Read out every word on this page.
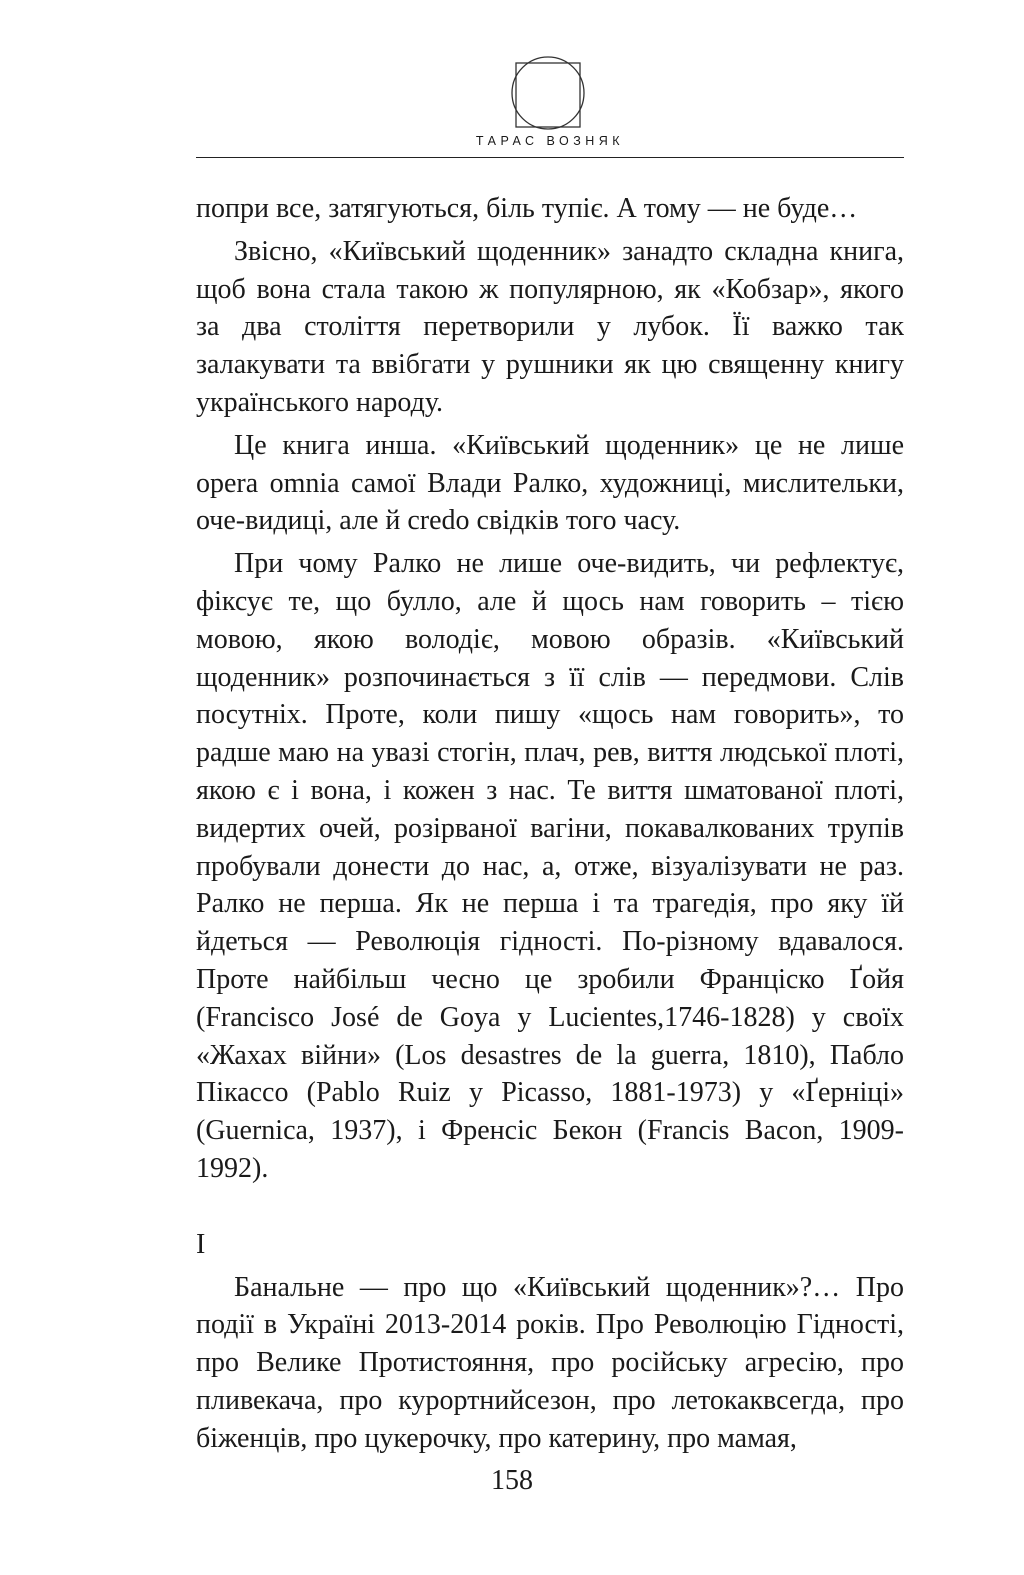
ТАРАС ВОЗНЯК

попри все, затягуються, біль тупіє. А тому — не буде…

Звісно, «Київський щоденник» занадто складна книга, щоб вона стала такою ж популярною, як «Кобзар», якого за два століття перетворили у лубок. Її важко так залакувати та ввібгати у рушники як цю священну книгу українського народу.

Це книга инша. «Київський щоденник» це не лише opera omnia самої Влади Ралко, художниці, мислительки, оче-видиці, але й credo свідків того часу.

При чому Ралко не лише оче-видить, чи рефлектує, фіксує те, що булло, але й щось нам говорить – тією мовою, якою володіє, мовою образів. «Київський щоденник» розпочинається з її слів — передмови. Слів посутніх. Проте, коли пишу «щось нам говорить», то радше маю на увазі стогін, плач, рев, виття людської плоті, якою є і вона, і кожен з нас. Те виття шматованої плоті, видертих очей, розірваної вагіни, покавалкованих трупів пробували донести до нас, а, отже, візуалізувати не раз. Ралко не перша. Як не перша і та трагедія, про яку їй йдеться — Революція гідності. По-різному вдавалося. Проте найбільш чесно це зробили Франціско Ґойя (Francisco José de Goya y Lucientes,1746-1828) у своїх «Жахах війни» (Los desastres de la guerra, 1810), Пабло Пікассо (Pablo Ruiz y Picasso, 1881-1973) у «Ґерніці» (Guernica, 1937), і Френсіс Бекон (Francis Bacon, 1909-1992).

I

Банальне — про що «Київський щоденник»?… Про події в Україні 2013-2014 років. Про Революцію Гідності, про Велике Протистояння, про російську агресію, про пливекача, про курортнийсезон, про летокаквсегда, про біженців, про цукерочку, про катерину, про мамая,

158
